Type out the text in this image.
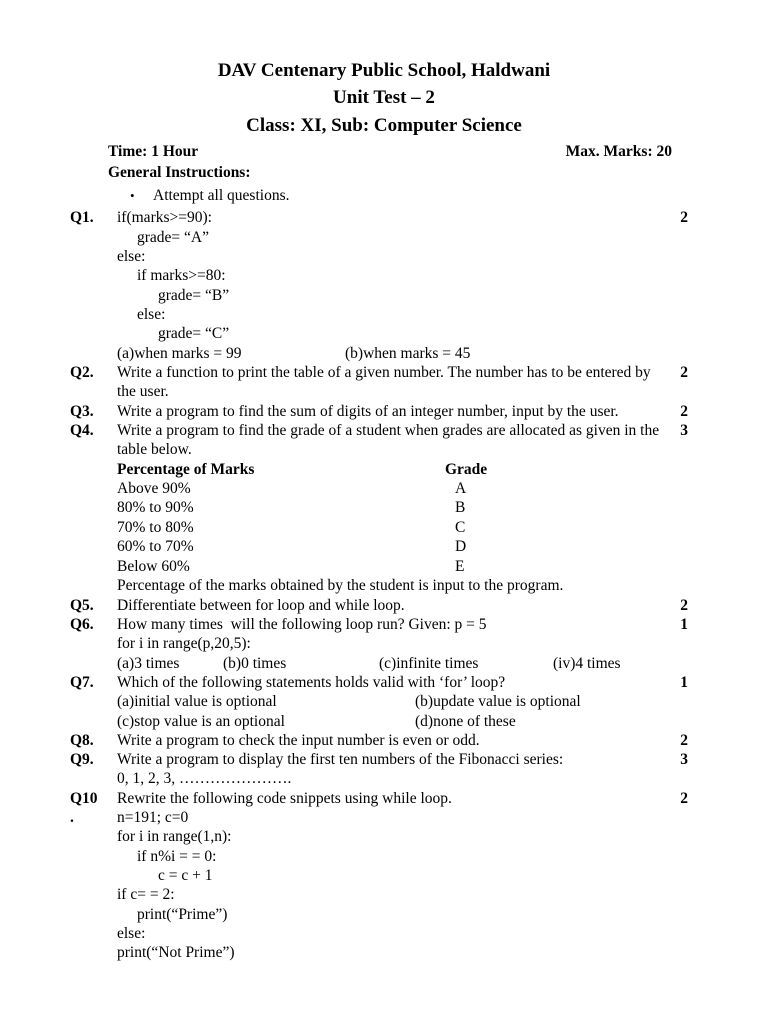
DAV Centenary Public School, Haldwani
Unit Test – 2
Class: XI, Sub: Computer Science
Time: 1 Hour	Max. Marks: 20
General Instructions:
• Attempt all questions.
Q1.	2
if(marks>=90):
grade= “A”
else:
if marks>=80:
grade= “B”
else:
grade= “C”
(a)when marks = 99	(b)when marks = 45
Q2.	2
Write a function to print the table of a given number. The number has to be entered by the user.
Q3.	2
Write a program to find the sum of digits of an integer number, input by the user.
Q4.	3
Write a program to find the grade of a student when grades are allocated as given in the table below.
Percentage of Marks	Grade
Above 90%	A
80% to 90%	B
70% to 80%	C
60% to 70%	D
Below 60%	E
Percentage of the marks obtained by the student is input to the program.
Q5.	2
Differentiate between for loop and while loop.
Q6.	1
How many times  will the following loop run? Given: p = 5
for i in range(p,20,5):
(a)3 times	(b)0 times	(c)infinite times	(iv)4 times
Q7.	1
Which of the following statements holds valid with ‘for’ loop?
(a)initial value is optional	(b)update value is optional
(c)stop value is an optional	(d)none of these
Q8.	2
Write a program to check the input number is even or odd.
Q9.	3
Write a program to display the first ten numbers of the Fibonacci series:
0, 1, 2, 3, ………………….
Q10
.
2
Rewrite the following code snippets using while loop.
n=191; c=0
for i in range(1,n):
if n%i = = 0:
c = c + 1
if c= = 2:
print(“Prime”)
else:
print(“Not Prime”)
